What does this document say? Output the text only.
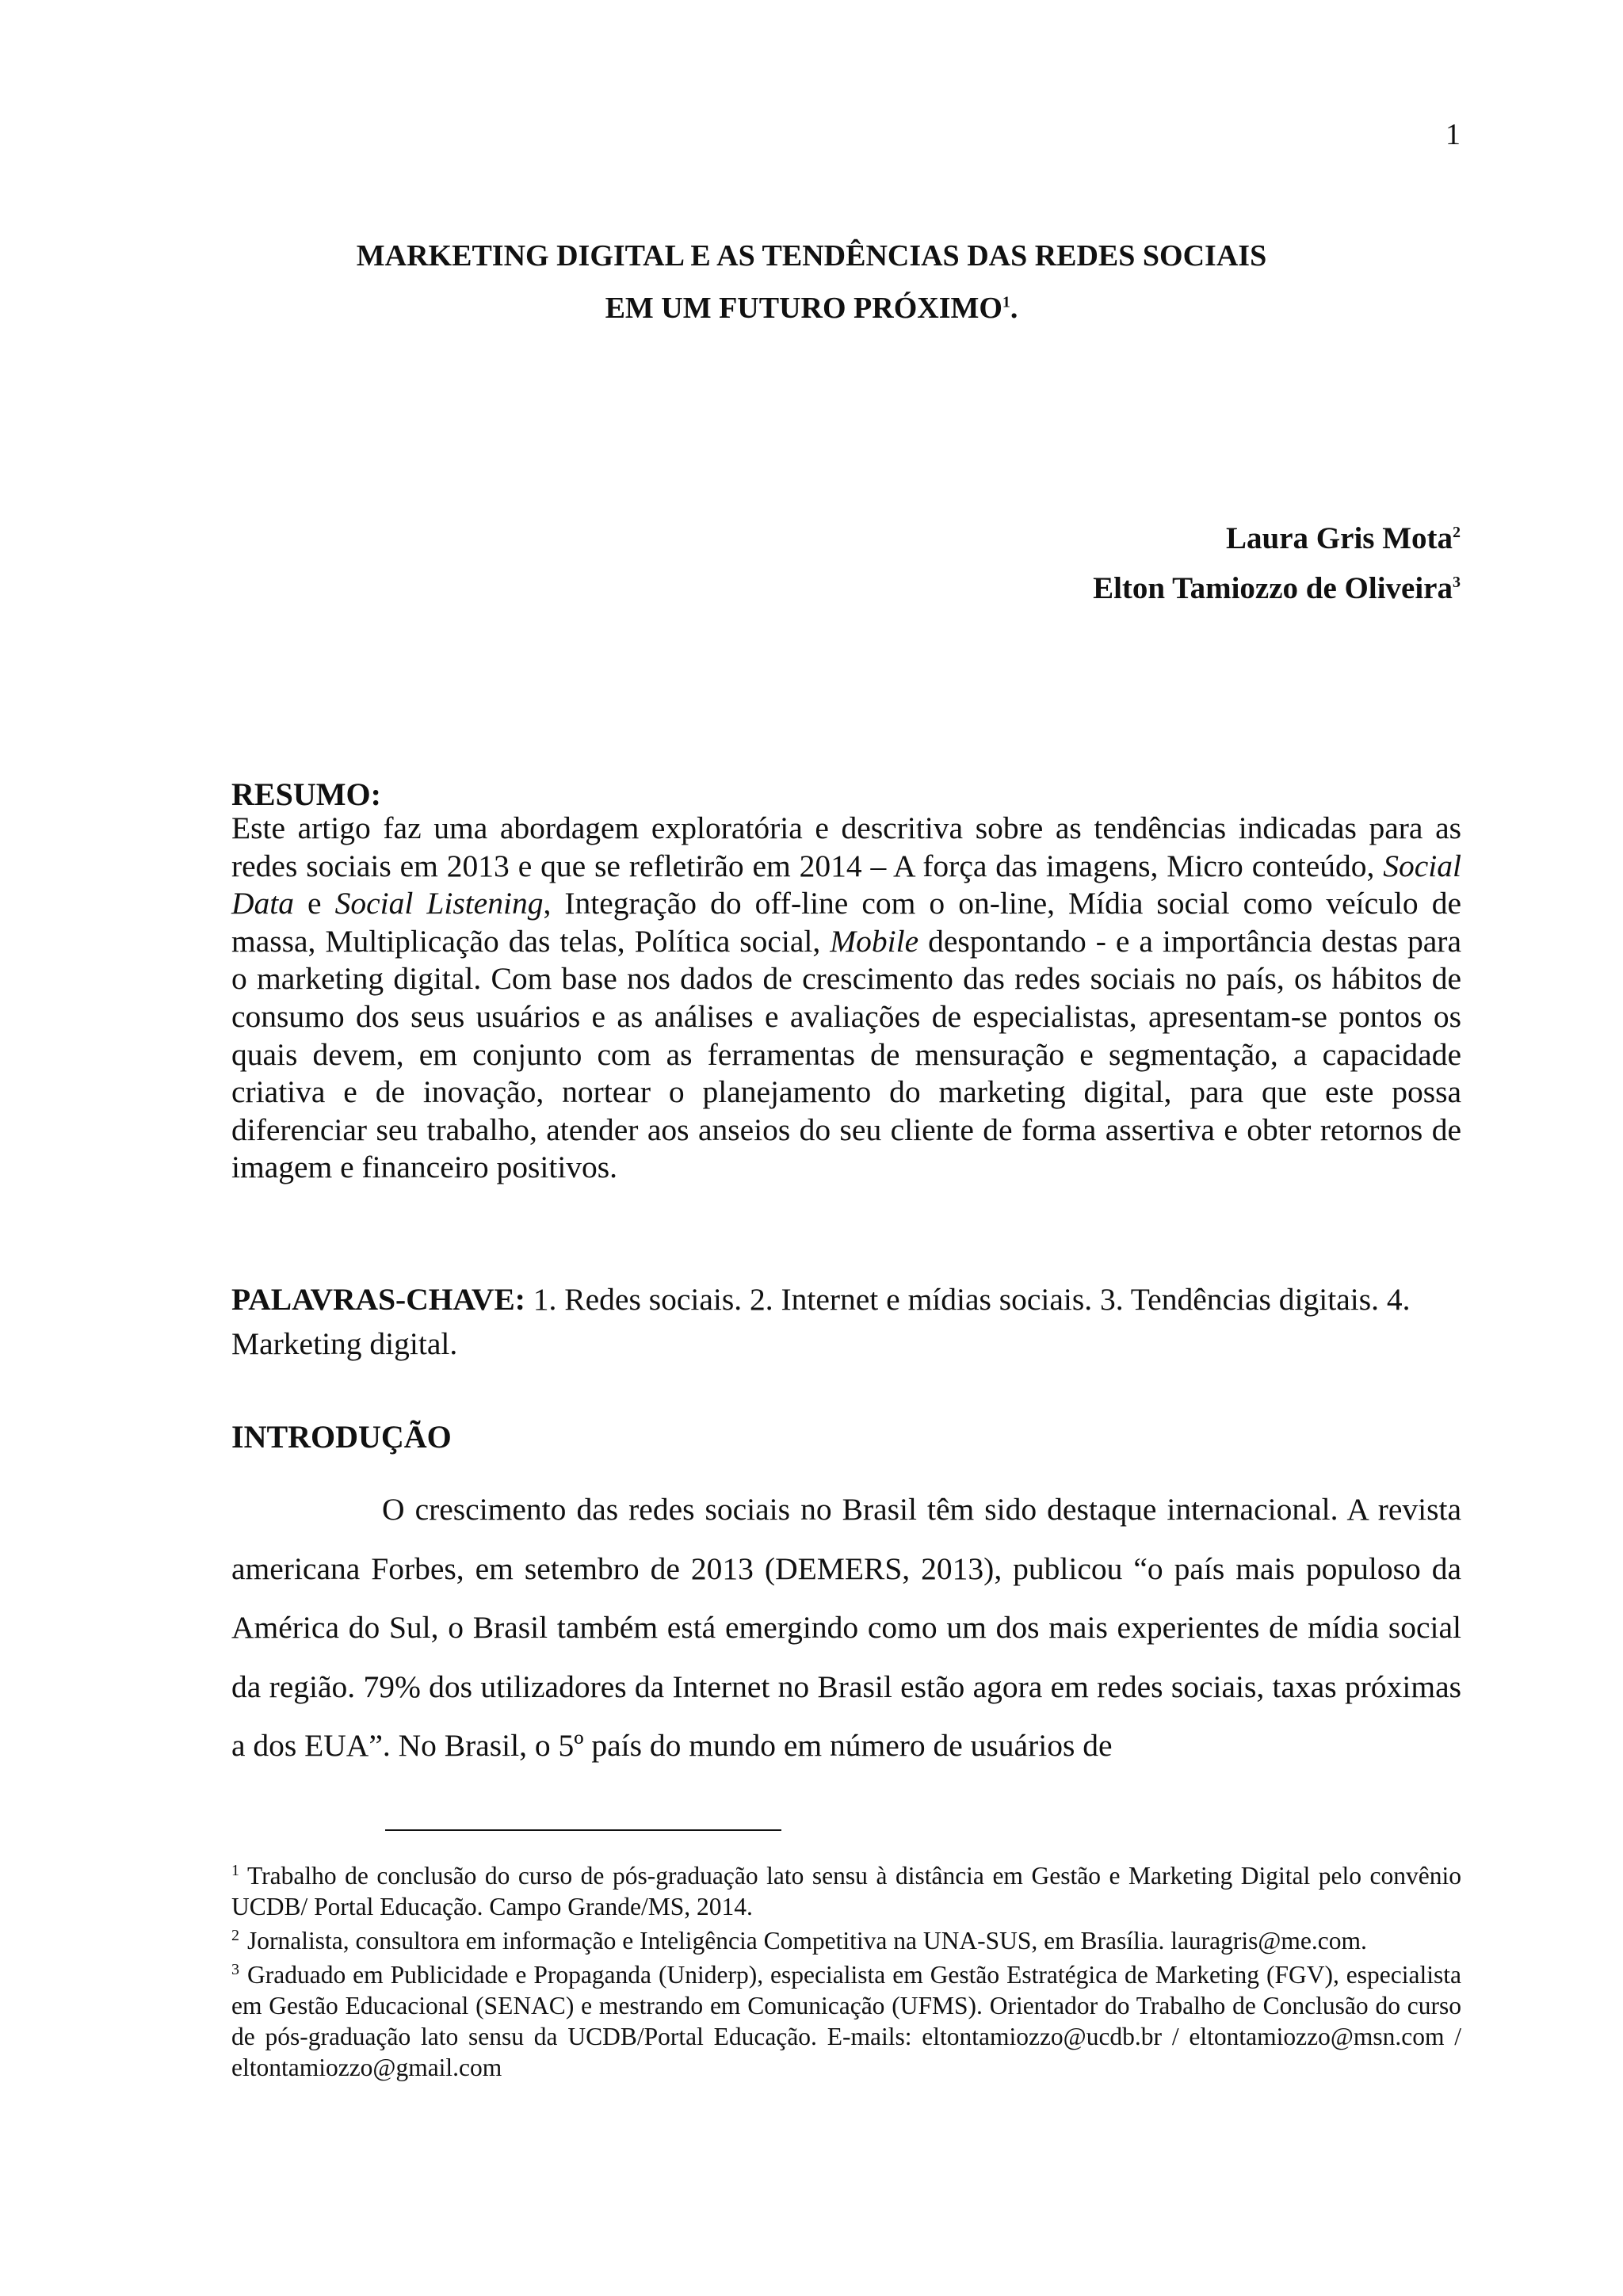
1
MARKETING DIGITAL E AS TENDÊNCIAS DAS REDES SOCIAIS
EM UM FUTURO PRÓXIMO$^1$.
Laura Gris Mota$^2$
Elton Tamiozzo de Oliveira$^3$
RESUMO:
Este artigo faz uma abordagem exploratória e descritiva sobre as tendências indicadas para as redes sociais em 2013 e que se refletirão em 2014 – A força das imagens, Micro conteúdo, Social Data e Social Listening, Integração do off-line com o on-line, Mídia social como veículo de massa, Multiplicação das telas, Política social, Mobile despontando - e a importância destas para o marketing digital. Com base nos dados de crescimento das redes sociais no país, os hábitos de consumo dos seus usuários e as análises e avaliações de especialistas, apresentam-se pontos os quais devem, em conjunto com as ferramentas de mensuração e segmentação, a capacidade criativa e de inovação, nortear o planejamento do marketing digital, para que este possa diferenciar seu trabalho, atender aos anseios do seu cliente de forma assertiva e obter retornos de imagem e financeiro positivos.
PALAVRAS-CHAVE: 1. Redes sociais. 2. Internet e mídias sociais. 3. Tendências digitais. 4. Marketing digital.
INTRODUÇÃO
O crescimento das redes sociais no Brasil têm sido destaque internacional. A revista americana Forbes, em setembro de 2013 (DEMERS, 2013), publicou “o país mais populoso da América do Sul, o Brasil também está emergindo como um dos mais experientes de mídia social da região. 79% dos utilizadores da Internet no Brasil estão agora em redes sociais, taxas próximas a dos EUA”. No Brasil, o 5º país do mundo em número de usuários de
$^1$ Trabalho de conclusão do curso de pós-graduação lato sensu à distância em Gestão e Marketing Digital pelo convênio UCDB/ Portal Educação. Campo Grande/MS, 2014.
$^2$ Jornalista, consultora em informação e Inteligência Competitiva na UNA-SUS, em Brasília. lauragris@me.com.
$^3$ Graduado em Publicidade e Propaganda (Uniderp), especialista em Gestão Estratégica de Marketing (FGV), especialista em Gestão Educacional (SENAC) e mestrando em Comunicação (UFMS). Orientador do Trabalho de Conclusão do curso de pós-graduação lato sensu da UCDB/Portal Educação. E-mails: eltontamiozzo@ucdb.br / eltontamiozzo@msn.com / eltontamiozzo@gmail.com
